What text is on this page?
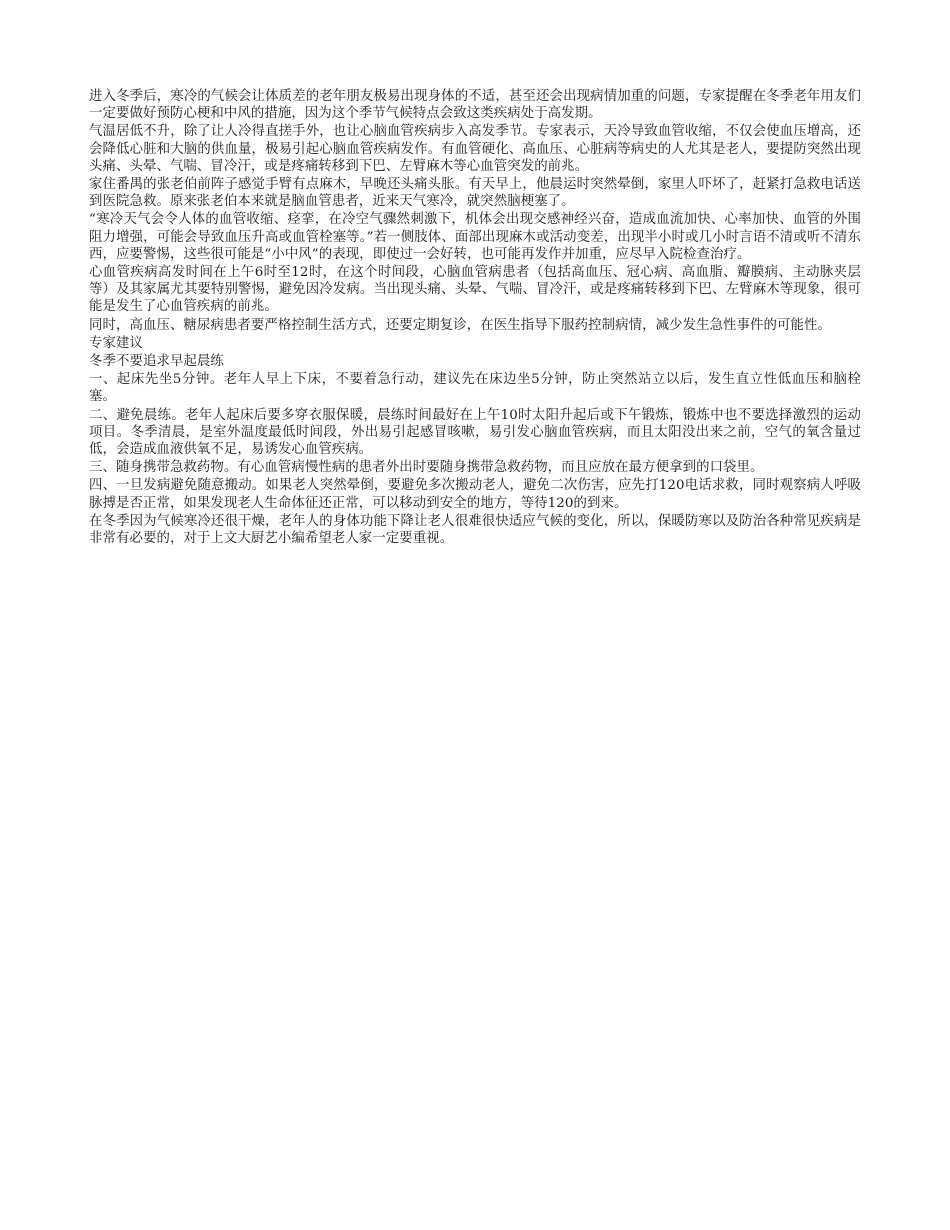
进入冬季后，寒冷的气候会让体质差的老年朋友极易出现身体的不适，甚至还会出现病情加重的问题，专家提醒在冬季老年用友们一定要做好预防心梗和中风的措施，因为这个季节气候特点会致这类疾病处于高发期。

气温居低不升，除了让人冷得直搓手外，也让心脑血管疾病步入高发季节。专家表示，天冷导致血管收缩，不仅会使血压增高，还会降低心脏和大脑的供血量，极易引起心脑血管疾病发作。有血管硬化、高血压、心脏病等病史的人尤其是老人，要提防突然出现头痛、头晕、气喘、冒冷汗，或是疼痛转移到下巴、左臂麻木等心血管突发的前兆。

家住番禺的张老伯前阵子感觉手臂有点麻木，早晚还头痛头胀。有天早上，他晨运时突然晕倒，家里人吓坏了，赶紧打急救电话送到医院急救。原来张老伯本来就是脑血管患者，近来天气寒冷，就突然脑梗塞了。

“寒冷天气会令人体的血管收缩、痉挛，在冷空气骤然刺激下，机体会出现交感神经兴奋，造成血流加快、心率加快、血管的外围阻力增强，可能会导致血压升高或血管栓塞等。”若一侧肢体、面部出现麻木或活动变差，出现半小时或几小时言语不清或听不清东西，应要警惕，这些很可能是“小中风”的表现，即使过一会好转，也可能再发作并加重，应尽早入院检查治疗。

心血管疾病高发时间在上午6时至12时，在这个时间段，心脑血管病患者（包括高血压、冠心病、高血脂、瓣膜病、主动脉夹层等）及其家属尤其要特别警惕，避免因冷发病。当出现头痛、头晕、气喘、冒冷汗，或是疼痛转移到下巴、左臂麻木等现象，很可能是发生了心血管疾病的前兆。

同时，高血压、糖尿病患者要严格控制生活方式，还要定期复诊，在医生指导下服药控制病情，减少发生急性事件的可能性。

专家建议
冬季不要追求早起晨练

一、起床先坐5分钟。老年人早上下床，不要着急行动，建议先在床边坐5分钟，防止突然站立以后，发生直立性低血压和脑栓塞。

二、避免晨练。老年人起床后要多穿衣服保暖，晨练时间最好在上午10时太阳升起后或下午锻炼，锻炼中也不要选择激烈的运动项目。冬季清晨，是室外温度最低时间段，外出易引起感冒咳嗽，易引发心脑血管疾病，而且太阳没出来之前，空气的氧含量过低，会造成血液供氧不足，易诱发心血管疾病。

三、随身携带急救药物。有心血管病慢性病的患者外出时要随身携带急救药物，而且应放在最方便拿到的口袋里。

四、一旦发病避免随意搬动。如果老人突然晕倒，要避免多次搬动老人，避免二次伤害，应先打120电话求救，同时观察病人呼吸脉搏是否正常，如果发现老人生命体征还正常，可以移动到安全的地方，等待120的到来。

在冬季因为气候寒冷还很干燥，老年人的身体功能下降让老人很难很快适应气候的变化，所以，保暖防寒以及防治各种常见疾病是非常有必要的，对于上文大厨艺小编希望老人家一定要重视。
